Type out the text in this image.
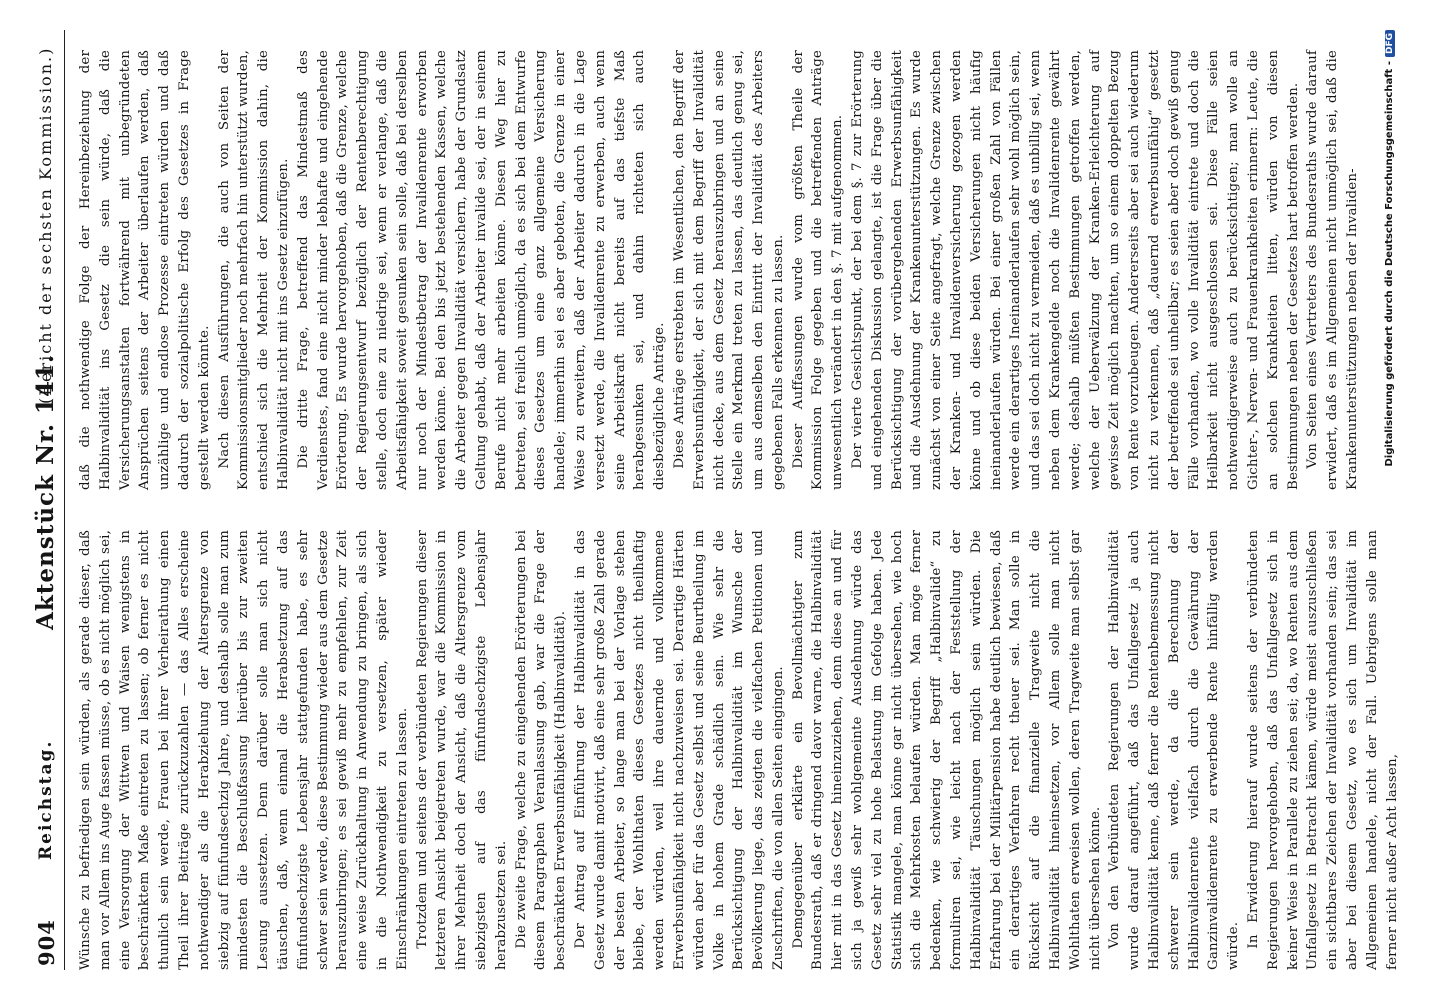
904
Reichstag.
Aktenstück Nr. 141.
(Bericht der sechsten Kommission.)

Wünsche zu befriedigen sein würden, als gerade dieser, daß man vor Allem ins Auge fassen müsse, ob es nicht möglich sei, eine Versorgung der Wittwen und Waisen wenigstens in beschränktem Maße eintreten zu lassen; ob ferner es nicht thunlich sein werde, Frauen bei ihrer Verheirathung einen Theil ihrer Beiträge zurückzuzahlen — das Alles erscheine nothwendiger als die Herabziehung der Altersgrenze von siebzig auf fünfundsechzig Jahre, und deshalb solle man zum mindesten die Beschlußfassung hierüber bis zur zweiten Lesung aussetzen. Denn darüber solle man sich nicht täuschen, daß, wenn einmal die Herabsetzung auf das fünfundsechzigste Lebensjahr stattgefunden habe, es sehr schwer sein werde, diese Bestimmung wieder aus dem Gesetze herauszubringen; es sei gewiß mehr zu empfehlen, zur Zeit eine weise Zurückhaltung in Anwendung zu bringen, als sich in die Nothwendigkeit zu versetzen, später wieder Einschränkungen eintreten zu lassen. Trotzdem und seitens der verbündeten Regierungen dieser letzteren Ansicht beigetreten wurde, war die Kommission in ihrer Mehrheit doch der Ansicht, daß die Altersgrenze vom siebzigsten auf das fünfundsechzigste Lebensjahr herabzusetzen sei. Die zweite Frage, welche zu eingehenden Erörterungen bei diesem Paragraphen Veranlassung gab, war die Frage der beschränkten Erwerbsunfähigkeit (Halbinvalidität). Der Antrag auf Einführung der Halbinvalidität in das Gesetz wurde damit motivirt, daß eine sehr große Zahl gerade der besten Arbeiter, so lange man bei der Vorlage stehen bleibe, der Wohlthaten dieses Gesetzes nicht theilhaftig werden würden, weil ihre dauernde und vollkommene Erwerbsunfähigkeit nicht nachzuweisen sei. Derartige Härten würden aber für das Gesetz selbst und seine Beurtheilung im Volke in hohem Grade schädlich sein. Wie sehr die Berücksichtigung der Halbinvalidität im Wunsche der Bevölkerung liege, das zeigten die vielfachen Petitionen und Zuschriften, die von allen Seiten eingingen. Demgegenüber erklärte ein Bevollmächtigter zum Bundesrath, daß er dringend davor warne, die Halbinvalidität hier mit in das Gesetz hineinzuziehen, denn diese an und für sich ja gewiß sehr wohlgemeinte Ausdehnung würde das Gesetz sehr viel zu hohe Belastung im Gefolge haben. Jede Statistik mangele, man könne gar nicht übersehen, wie hoch sich die Mehrkosten belaufen würden. Man möge ferner bedenken, wie schwierig der Begriff „Halbinvalide“ zu formuliren sei, wie leicht nach der Feststellung der Halbinvalidität Täuschungen möglich sein würden. Die Erfahrung bei der Militärpension habe deutlich bewiesen, daß ein derartiges Verfahren recht theuer sei. Man solle in Rücksicht auf die finanzielle Tragweite nicht die Halbinvalidität hineinsetzen, vor Allem solle man nicht Wohlthaten erweisen wollen, deren Tragweite man selbst gar nicht übersehen könne. Von den Verbündeten Regierungen der Halbinvalidität wurde darauf angeführt, daß das Unfallgesetz ja auch Halbinvalidität kenne, daß ferner die Rentenbemessung nicht schwerer sein werde, da die Berechnung der Halbinvalidenrente vielfach durch die Gewährung der Ganzinvalidenrente zu erwerbende Rente hinfällig werden würde. In Erwiderung hierauf wurde seitens der verbündeten Regierungen hervorgehoben, daß das Unfallgesetz sich in keiner Weise in Parallele zu ziehen sei; da, wo Renten aus dem Unfallgesetz in Betracht kämen, würde meist auszuschließen ein sichtbares Zeichen der Invalidität vorhanden sein; das sei aber bei diesem Gesetz, wo es sich um Invalidität im Allgemeinen handele, nicht der Fall. Uebrigens solle man ferner nicht außer Acht lassen,

daß die nothwendige Folge der Hereinbeziehung der Halbinvalidität ins Gesetz die sein würde, daß die Versicherungsanstalten fortwährend mit unbegründeten Ansprüchen seitens der Arbeiter überlaufen werden, daß unzählige und endlose Prozesse eintreten würden und daß dadurch der sozialpolitische Erfolg des Gesetzes in Frage gestellt werden könnte. Nach diesen Ausführungen, die auch von Seiten der Kommissionsmitglieder noch mehrfach hin unterstützt wurden, entschied sich die Mehrheit der Kommission dahin, die Halbinvalidität nicht mit ins Gesetz einzufügen. Die dritte Frage, betreffend das Mindestmaß des Verdienstes, fand eine nicht minder lebhafte und eingehende Erörterung. Es wurde hervorgehoben, daß die Grenze, welche der Regierungsentwurf bezüglich der Rentenberechtigung stelle, doch eine zu niedrige sei, wenn er verlange, daß die Arbeitsfähigkeit soweit gesunken sein solle, daß bei derselben nur noch der Mindestbetrag der Invalidenrente erworben werden könne. Bei den bis jetzt bestehenden Kassen, welche die Arbeiter gegen Invalidität versichern, habe der Grundsatz Geltung gehabt, daß der Arbeiter invalide sei, der in seinem Berufe nicht mehr arbeiten könne. Diesen Weg hier zu betreten, sei freilich unmöglich, da es sich bei dem Entwurfe dieses Gesetzes um eine ganz allgemeine Versicherung handele; immerhin sei es aber geboten, die Grenze in einer Weise zu erweitern, daß der Arbeiter dadurch in die Lage versetzt werde, die Invalidenrente zu erwerben, auch wenn seine Arbeitskraft nicht bereits auf das tiefste Maß herabgesunken sei, und dahin richteten sich auch diesbezügliche Anträge. Diese Anträge erstrebten im Wesentlichen, den Begriff der Erwerbsunfähigkeit, der sich mit dem Begriff der Invalidität nicht decke, aus dem Gesetz herauszubringen und an seine Stelle ein Merkmal treten zu lassen, das deutlich genug sei, um aus demselben den Eintritt der Invalidität des Arbeiters gegebenen Falls erkennen zu lassen. Dieser Auffassungen wurde vom größten Theile der Kommission Folge gegeben und die betreffenden Anträge unwesentlich verändert in den §. 7 mit aufgenommen. Der vierte Gesichtspunkt, der bei dem §. 7 zur Erörterung und eingehenden Diskussion gelangte, ist die Frage über die Berücksichtigung der vorübergehenden Erwerbsunfähigkeit und die Ausdehnung der Krankenunterstützungen. Es wurde zunächst von einer Seite angefragt, welche Grenze zwischen der Kranken- und Invalidenversicherung gezogen werden könne und ob diese beiden Versicherungen nicht häufig ineinanderlaufen würden. Bei einer großen Zahl von Fällen werde ein derartiges Ineinanderlaufen sehr wohl möglich sein, und das sei doch nicht zu vermeiden, daß es unbillig sei, wenn neben dem Krankengelde noch die Invalidenrente gewährt werde; deshalb müßten Bestimmungen getroffen werden, welche der Ueberwälzung der Kranken-Erleichterung auf gewisse Zeit möglich machten, um so einem doppelten Bezug von Rente vorzubeugen. Andererseits aber sei auch wiederum nicht zu verkennen, daß „dauernd erwerbsunfähig“ gesetzt der betreffende sei unheilbar; es seien aber doch gewiß genug Fälle vorhanden, wo volle Invalidität eintrete und doch die Heilbarkeit nicht ausgeschlossen sei. Diese Fälle seien nothwendigerweise auch zu berücksichtigen; man wolle an Gichter-, Nerven- und Frauenkrankheiten erinnern: Leute, die an solchen Krankheiten litten, würden von diesen Bestimmungen neben der Gesetzes hart betroffen werden. Von Seiten eines Vertreters des Bundesraths wurde darauf erwidert, daß es im Allgemeinen nicht unmöglich sei, daß die Krankenunterstützungen neben der Invaliden- Digitalisierung gefördert durch die Deutsche Forschungsgemeinschaft -DFG
